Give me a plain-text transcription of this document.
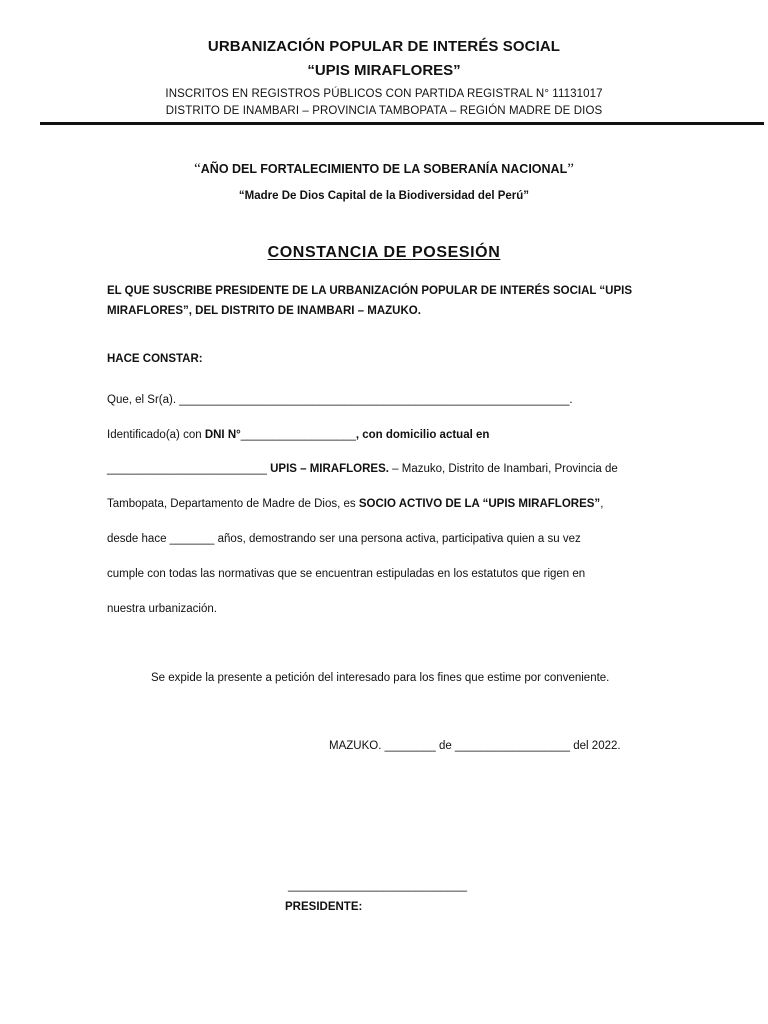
URBANIZACIÓN POPULAR DE INTERÉS SOCIAL
“UPIS MIRAFLORES”
INSCRITOS EN REGISTROS PÚBLICOS CON PARTIDA REGISTRAL N° 11131017
DISTRITO DE INAMBARI – PROVINCIA TAMBOPATA – REGIÓN MADRE DE DIOS
“AÑO DEL FORTALECIMIENTO DE LA SOBERANÍA NACIONAL”
“Madre De Dios Capital de la Biodiversidad del Perú”
CONSTANCIA DE POSESIÓN
EL QUE SUSCRIBE PRESIDENTE DE LA URBANIZACIÓN POPULAR DE INTERÉS SOCIAL “UPIS MIRAFLORES”, DEL DISTRITO DE INAMBARI – MAZUKO.
HACE CONSTAR:
Que, el Sr(a). _____________________________________________________________.
Identificado(a) con DNI N°__________________, con domicilio actual en
_________________________ UPIS – MIRAFLORES. – Mazuko, Distrito de Inambari, Provincia de
Tambopata, Departamento de Madre de Dios, es SOCIO ACTIVO DE LA “UPIS MIRAFLORES”,
desde hace _______ años, demostrando ser una persona activa, participativa quien a su vez
cumple con todas las normativas que se encuentran estipuladas en los estatutos que rigen en
nuestra urbanización.
Se expide la presente a petición del interesado para los fines que estime por conveniente.
MAZUKO. ________ de __________________ del 2022.
____________________________
PRESIDENTE:
